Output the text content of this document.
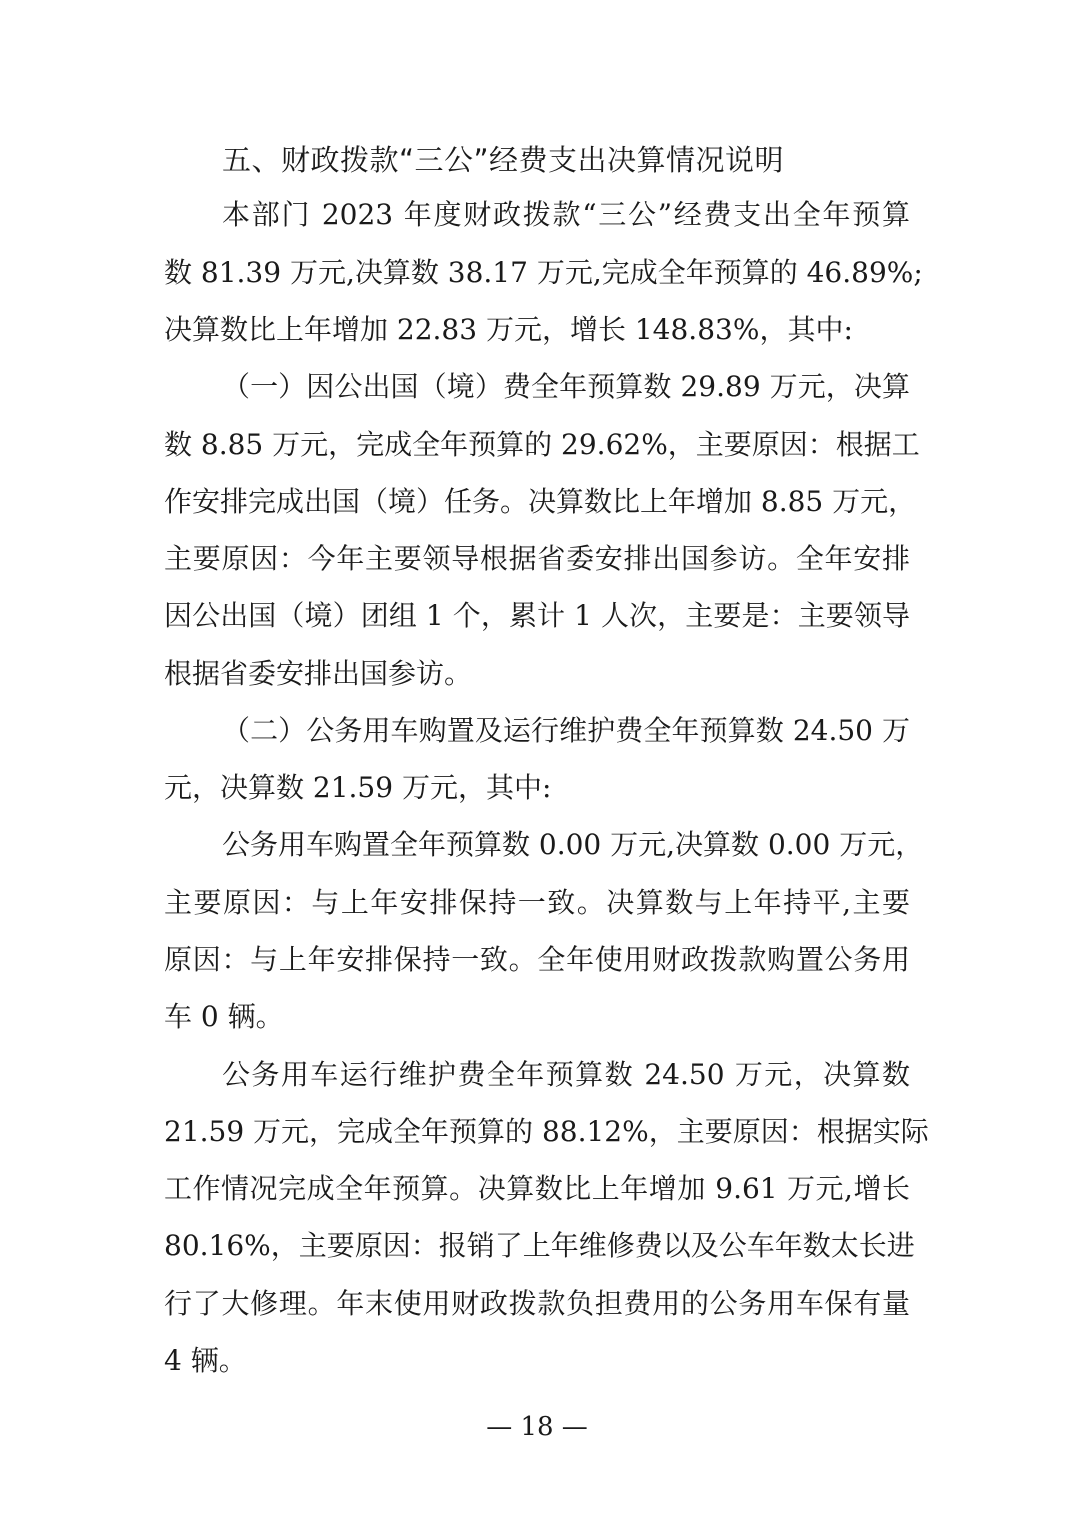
五、财政拨款“三公”经费支出决算情况说明

本部门 2023 年度财政拨款“三公”经费支出全年预算

数 81.39 万元,决算数 38.17 万元,完成全年预算的 46.89%;

决算数比上年增加 22.83 万元，增长 148.83%，其中:

（一）因公出国（境）费全年预算数 29.89 万元，决算

数 8.85 万元，完成全年预算的 29.62%，主要原因：根据工

作安排完成出国（境）任务。决算数比上年增加 8.85 万元，

主要原因：今年主要领导根据省委安排出国参访。全年安排

因公出国（境）团组 1 个，累计 1 人次，主要是：主要领导

根据省委安排出国参访。

（二）公务用车购置及运行维护费全年预算数 24.50 万

元，决算数 21.59 万元，其中:

公务用车购置全年预算数 0.00 万元,决算数 0.00 万元，

主要原因：与上年安排保持一致。决算数与上年持平,主要

原因：与上年安排保持一致。全年使用财政拨款购置公务用

车 0 辆。

公务用车运行维护费全年预算数 24.50 万元，决算数

21.59 万元，完成全年预算的 88.12%，主要原因：根据实际

工作情况完成全年预算。决算数比上年增加 9.61 万元,增长

80.16%，主要原因：报销了上年维修费以及公车年数太长进

行了大修理。年末使用财政拨款负担费用的公务用车保有量

4 辆。

— 18 —
